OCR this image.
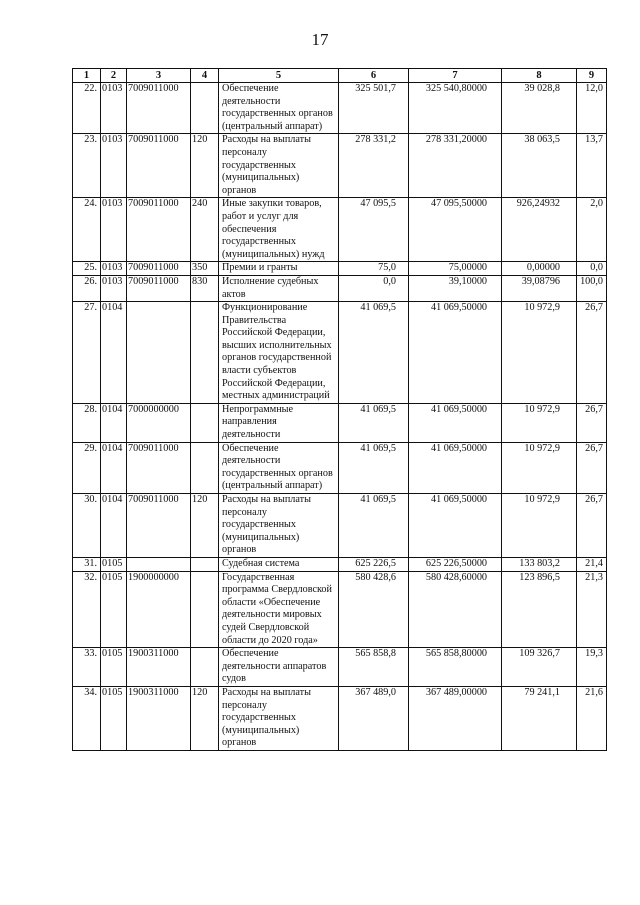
17
1	2	3	4	5	6	7	8	9
22.	0103	7009011000		Обеспечение деятельности государственных органов (центральный аппарат)	325 501,7	325 540,80000	39 028,8	12,0
23.	0103	7009011000	120	Расходы на выплаты персоналу государственных (муниципальных) органов	278 331,2	278 331,20000	38 063,5	13,7
24.	0103	7009011000	240	Иные закупки товаров, работ и услуг для обеспечения государственных (муниципальных) нужд	47 095,5	47 095,50000	926,24932	2,0
25.	0103	7009011000	350	Премии и гранты	75,0	75,00000	0,00000	0,0
26.	0103	7009011000	830	Исполнение судебных актов	0,0	39,10000	39,08796	100,0
27.	0104			Функционирование Правительства Российской Федерации, высших исполнительных органов государственной власти субъектов Российской Федерации, местных администраций	41 069,5	41 069,50000	10 972,9	26,7
28.	0104	7000000000		Непрограммные направления деятельности	41 069,5	41 069,50000	10 972,9	26,7
29.	0104	7009011000		Обеспечение деятельности государственных органов (центральный аппарат)	41 069,5	41 069,50000	10 972,9	26,7
30.	0104	7009011000	120	Расходы на выплаты персоналу государственных (муниципальных) органов	41 069,5	41 069,50000	10 972,9	26,7
31.	0105			Судебная система	625 226,5	625 226,50000	133 803,2	21,4
32.	0105	1900000000		Государственная программа Свердловской области «Обеспечение деятельности мировых судей Свердловской области до 2020 года»	580 428,6	580 428,60000	123 896,5	21,3
33.	0105	1900311000		Обеспечение деятельности аппаратов судов	565 858,8	565 858,80000	109 326,7	19,3
34.	0105	1900311000	120	Расходы на выплаты персоналу государственных (муниципальных) органов	367 489,0	367 489,00000	79 241,1	21,6
